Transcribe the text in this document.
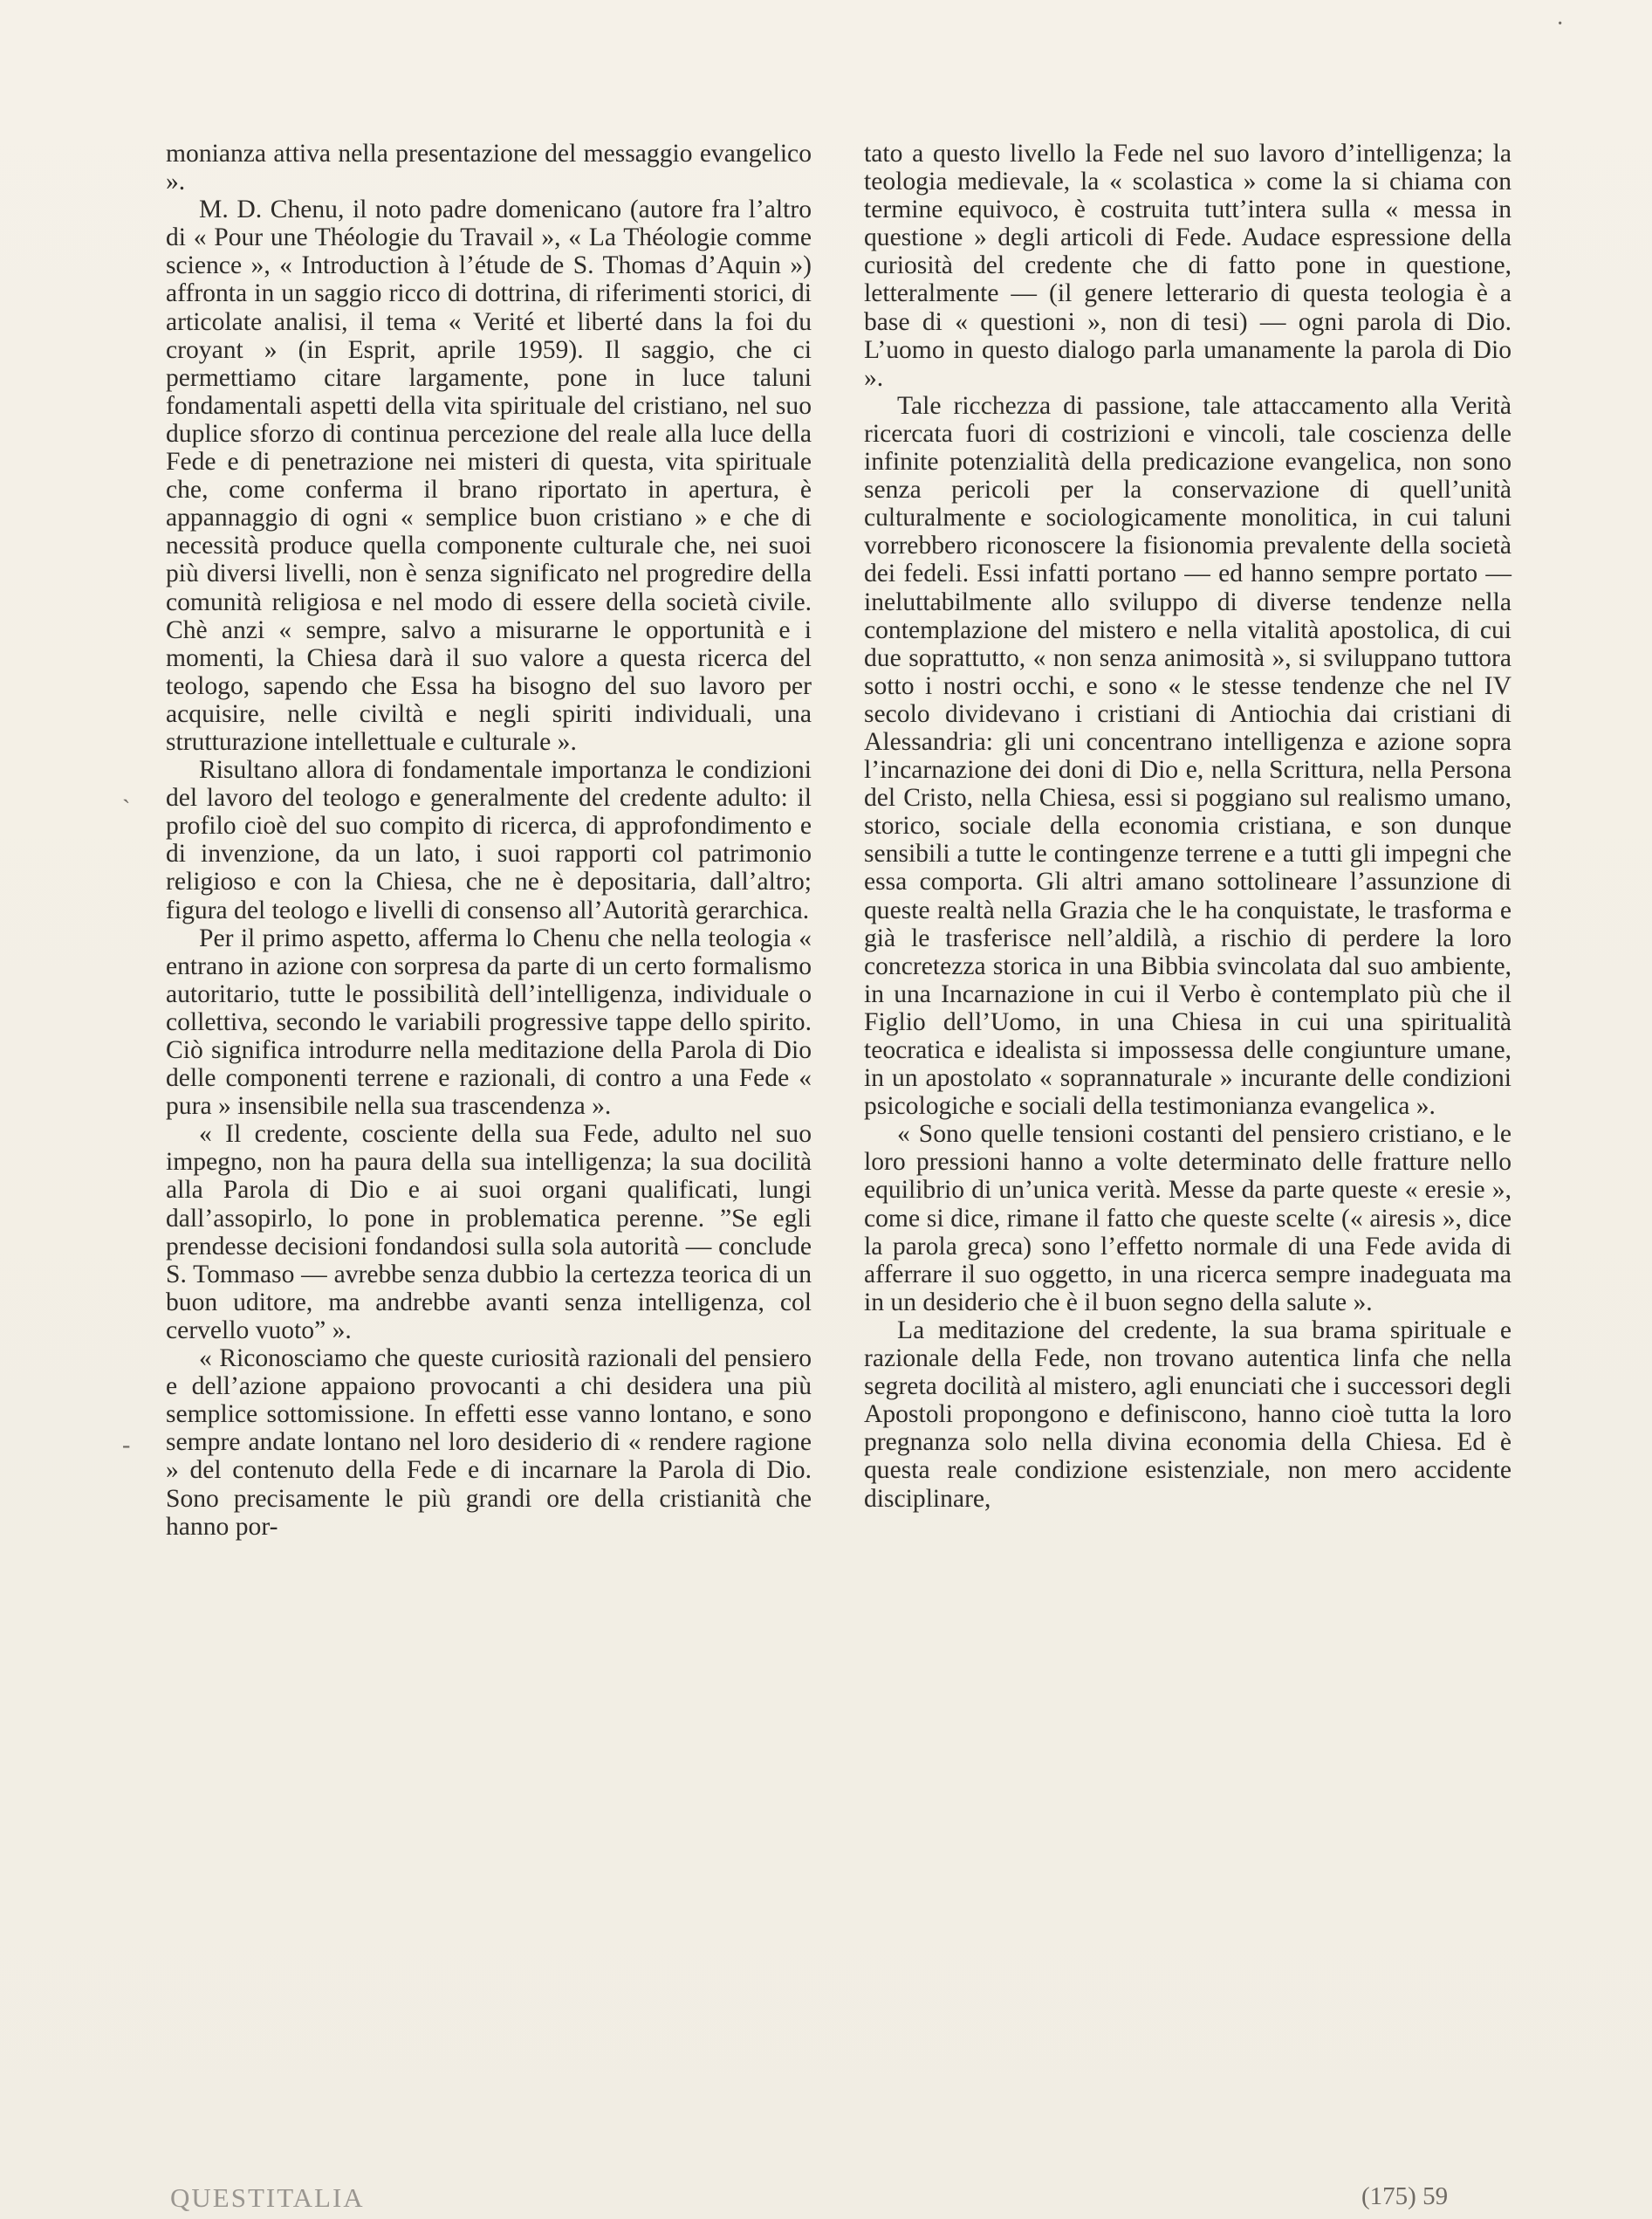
monianza attiva nella presentazione del messaggio evangelico ».

M. D. Chenu, il noto padre domenicano (autore fra l’altro di « Pour une Théologie du Travail », « La Théologie comme science », « Introduction à l’étude de S. Thomas d’Aquin ») affronta in un saggio ricco di dottrina, di riferimenti storici, di articolate analisi, il tema « Verité et liberté dans la foi du croyant » (in Esprit, aprile 1959). Il saggio, che ci permettiamo citare largamente, pone in luce taluni fondamentali aspetti della vita spirituale del cristiano, nel suo duplice sforzo di continua percezione del reale alla luce della Fede e di penetrazione nei misteri di questa, vita spirituale che, come conferma il brano riportato in apertura, è appannaggio di ogni « semplice buon cristiano » e che di necessità produce quella componente culturale che, nei suoi più diversi livelli, non è senza significato nel progredire della comunità religiosa e nel modo di essere della società civile. Chè anzi « sempre, salvo a misurarne le opportunità e i momenti, la Chiesa darà il suo valore a questa ricerca del teologo, sapendo che Essa ha bisogno del suo lavoro per acquisire, nelle civiltà e negli spiriti individuali, una strutturazione intellettuale e culturale ».

Risultano allora di fondamentale importanza le condizioni del lavoro del teologo e generalmente del credente adulto: il profilo cioè del suo compito di ricerca, di approfondimento e di invenzione, da un lato, i suoi rapporti col patrimonio religioso e con la Chiesa, che ne è depositaria, dall’altro; figura del teologo e livelli di consenso all’Autorità gerarchica.

Per il primo aspetto, afferma lo Chenu che nella teologia « entrano in azione con sorpresa da parte di un certo formalismo autoritario, tutte le possibilità dell’intelligenza, individuale o collettiva, secondo le variabili progressive tappe dello spirito. Ciò significa introdurre nella meditazione della Parola di Dio delle componenti terrene e razionali, di contro a una Fede « pura » insensibile nella sua trascendenza ».

« Il credente, cosciente della sua Fede, adulto nel suo impegno, non ha paura della sua intelligenza; la sua docilità alla Parola di Dio e ai suoi organi qualificati, lungi dall’assopirlo, lo pone in problematica perenne. ”Se egli prendesse decisioni fondandosi sulla sola autorità — conclude S. Tommaso — avrebbe senza dubbio la certezza teorica di un buon uditore, ma andrebbe avanti senza intelligenza, col cervello vuoto” ».

« Riconosciamo che queste curiosità razionali del pensiero e dell’azione appaiono provocanti a chi desidera una più semplice sottomissione. In effetti esse vanno lontano, e sono sempre andate lontano nel loro desiderio di « rendere ragione » del contenuto della Fede e di incarnare la Parola di Dio. Sono precisamente le più grandi ore della cristianità che hanno por-

tato a questo livello la Fede nel suo lavoro d’intelligenza; la teologia medievale, la « scolastica » come la si chiama con termine equivoco, è costruita tutt’intera sulla « messa in questione » degli articoli di Fede. Audace espressione della curiosità del credente che di fatto pone in questione, letteralmente — (il genere letterario di questa teologia è a base di « questioni », non di tesi) — ogni parola di Dio. L’uomo in questo dialogo parla umanamente la parola di Dio ».

Tale ricchezza di passione, tale attaccamento alla Verità ricercata fuori di costrizioni e vincoli, tale coscienza delle infinite potenzialità della predicazione evangelica, non sono senza pericoli per la conservazione di quell’unità culturalmente e sociologicamente monolitica, in cui taluni vorrebbero riconoscere la fisionomia prevalente della società dei fedeli. Essi infatti portano — ed hanno sempre portato — ineluttabilmente allo sviluppo di diverse tendenze nella contemplazione del mistero e nella vitalità apostolica, di cui due soprattutto, « non senza animosità », si sviluppano tuttora sotto i nostri occhi, e sono « le stesse tendenze che nel IV secolo dividevano i cristiani di Antiochia dai cristiani di Alessandria: gli uni concentrano intelligenza e azione sopra l’incarnazione dei doni di Dio e, nella Scrittura, nella Persona del Cristo, nella Chiesa, essi si poggiano sul realismo umano, storico, sociale della economia cristiana, e son dunque sensibili a tutte le contingenze terrene e a tutti gli impegni che essa comporta. Gli altri amano sottolineare l’assunzione di queste realtà nella Grazia che le ha conquistate, le trasforma e già le trasferisce nell’aldilà, a rischio di perdere la loro concretezza storica in una Bibbia svincolata dal suo ambiente, in una Incarnazione in cui il Verbo è contemplato più che il Figlio dell’Uomo, in una Chiesa in cui una spiritualità teocratica e idealista si impossessa delle congiunture umane, in un apostolato « soprannaturale » incurante delle condizioni psicologiche e sociali della testimonianza evangelica ».

« Sono quelle tensioni costanti del pensiero cristiano, e le loro pressioni hanno a volte determinato delle fratture nello equilibrio di un’unica verità. Messe da parte queste « eresie », come si dice, rimane il fatto che queste scelte (« airesis », dice la parola greca) sono l’effetto normale di una Fede avida di afferrare il suo oggetto, in una ricerca sempre inadeguata ma in un desiderio che è il buon segno della salute ».

La meditazione del credente, la sua brama spirituale e razionale della Fede, non trovano autentica linfa che nella segreta docilità al mistero, agli enunciati che i successori degli Apostoli propongono e definiscono, hanno cioè tutta la loro pregnanza solo nella divina economia della Chiesa. Ed è questa reale condizione esistenziale, non mero accidente disciplinare,

QUESTITALIA	(175) 59
·
ˏ
-
